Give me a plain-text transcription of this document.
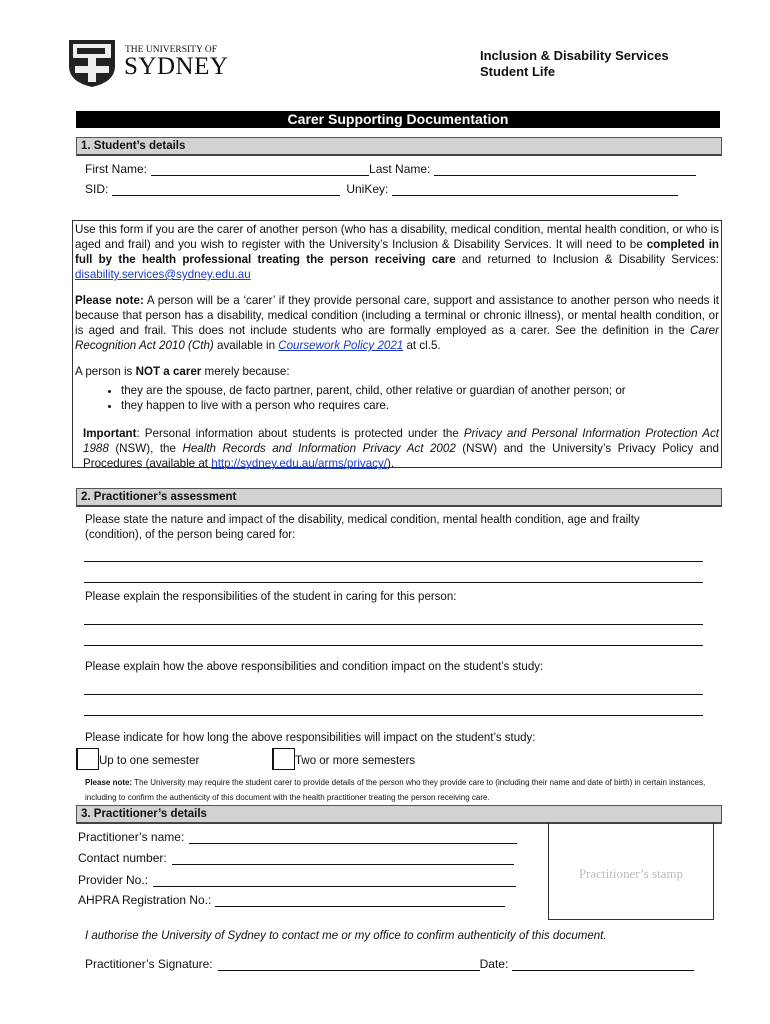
THE UNIVERSITY OF
SYDNEY	Inclusion & Disability Services
Student Life
Carer Supporting Documentation
1. Student’s details
First Name:	Last Name:
SID:	UniKey:

Use this form if you are the carer of another person (who has a disability, medical condition, mental health condition, or who is aged and frail) and you wish to register with the University’s Inclusion & Disability Services. It will need to be completed in full by the health professional treating the person receiving care and returned to Inclusion & Disability Services: disability.services@sydney.edu.au

Please note: A person will be a ‘carer’ if they provide personal care, support and assistance to another person who needs it because that person has a disability, medical condition (including a terminal or chronic illness), or mental health condition, or is aged and frail. This does not include students who are formally employed as a carer. See the definition in the Carer Recognition Act 2010 (Cth) available in Coursework Policy 2021 at cl.5.

A person is NOT a carer merely because:

• they are the spouse, de facto partner, parent, child, other relative or guardian of another person; or
• they happen to live with a person who requires care.

Important: Personal information about students is protected under the Privacy and Personal Information Protection Act 1988 (NSW), the Health Records and Information Privacy Act 2002 (NSW) and the University’s Privacy Policy and Procedures (available at http://sydney.edu.au/arms/privacy/).

2. Practitioner’s assessment
Please state the nature and impact of the disability, medical condition, mental health condition, age and frailty (condition), of the person being cared for:
Please explain the responsibilities of the student in caring for this person:
Please explain how the above responsibilities and condition impact on the student’s study:
Please indicate for how long the above responsibilities will impact on the student’s study:
Up to one semester	Two or more semesters
Please note: The University may require the student carer to provide details of the person who they provide care to (including their name and date of birth) in certain instances, including to confirm the authenticity of this document with the health practitioner treating the person receiving care.
3. Practitioner’s details
Practitioner’s stamp
Practitioner’s name:
Contact number:
Provider No.:
AHPRA Registration No.:
I authorise the University of Sydney to contact me or my office to confirm authenticity of this document.
Practitioner’s Signature:	Date:
